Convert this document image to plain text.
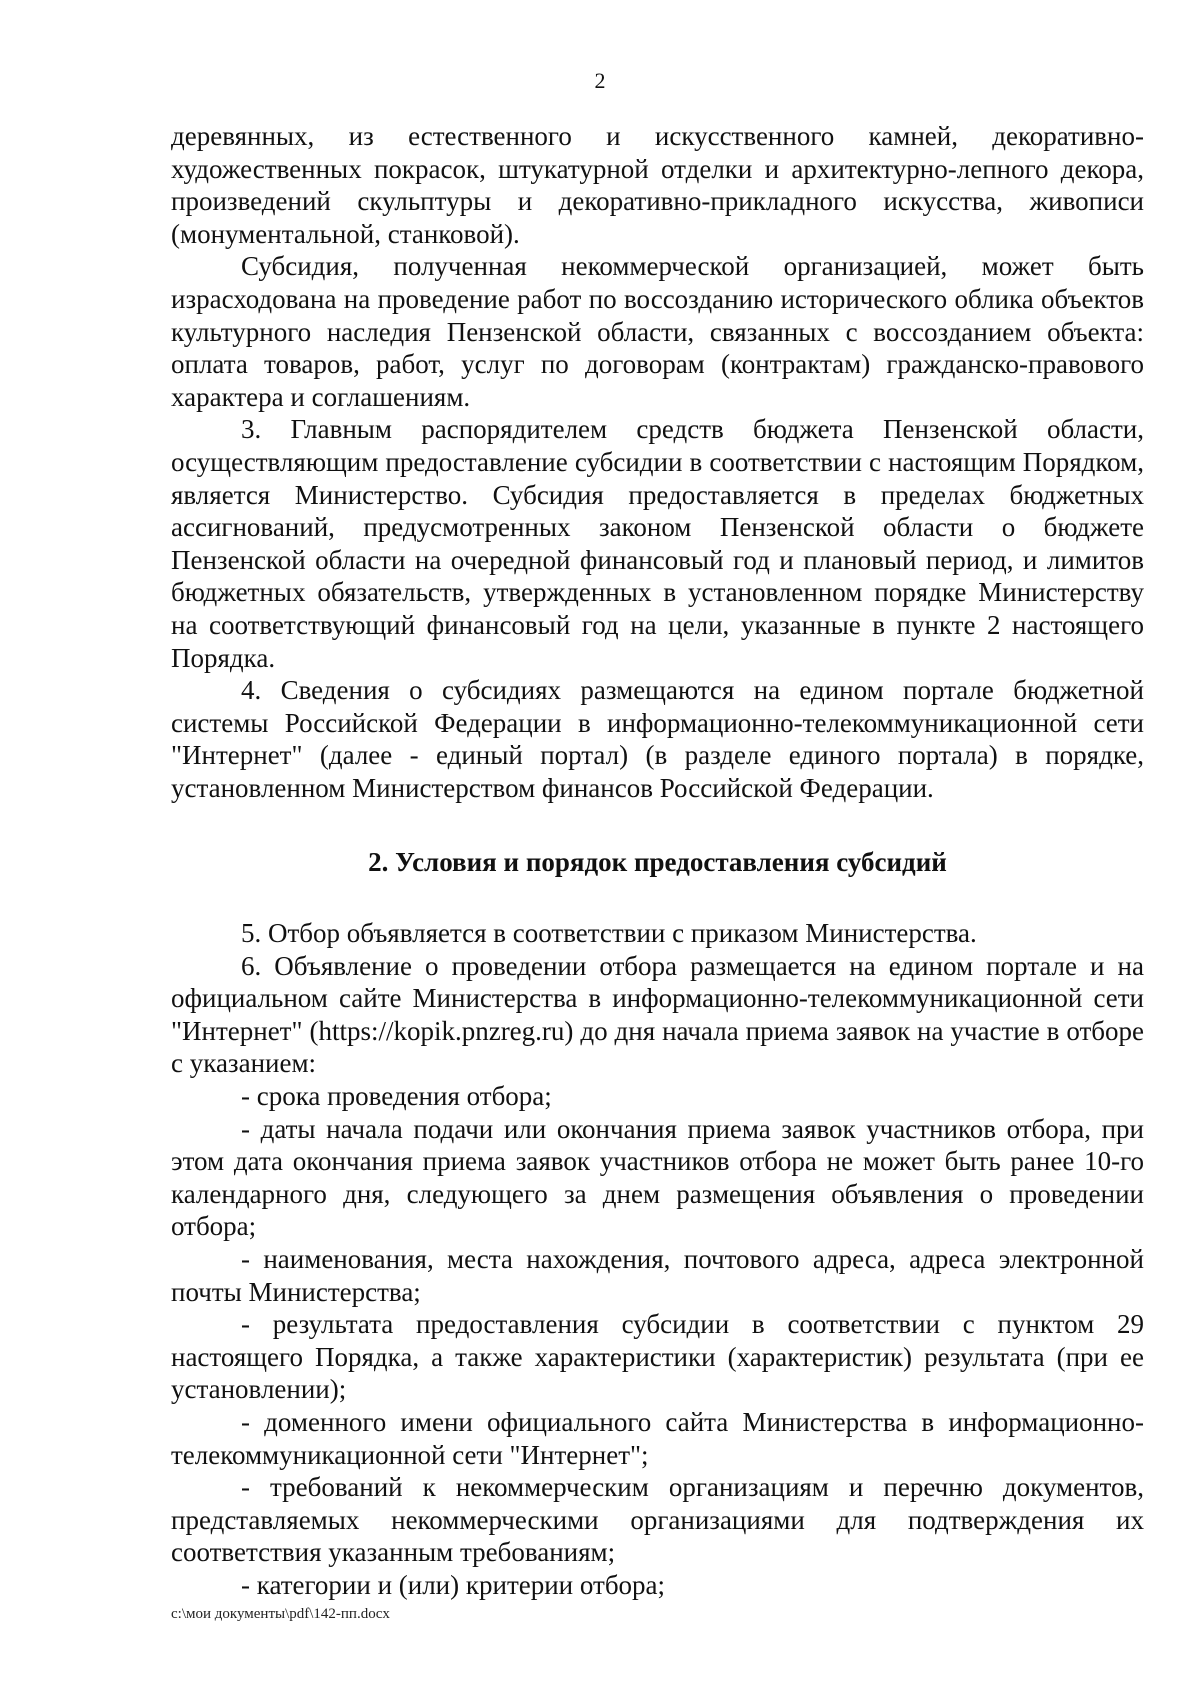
2

деревянных, из естественного и искусственного камней, декоративно-художественных покрасок, штукатурной отделки и архитектурно-лепного декора, произведений скульптуры и декоративно-прикладного искусства, живописи (монументальной, станковой).

Субсидия, полученная некоммерческой организацией, может быть израсходована на проведение работ по воссозданию исторического облика объектов культурного наследия Пензенской области, связанных с воссозданием объекта: оплата товаров, работ, услуг по договорам (контрактам) гражданско-правового характера и соглашениям.

3. Главным распорядителем средств бюджета Пензенской области, осуществляющим предоставление субсидии в соответствии с настоящим Порядком, является Министерство. Субсидия предоставляется в пределах бюджетных ассигнований, предусмотренных законом Пензенской области о бюджете Пензенской области на очередной финансовый год и плановый период, и лимитов бюджетных обязательств, утвержденных в установленном порядке Министерству на соответствующий финансовый год на цели, указанные в пункте 2 настоящего Порядка.

4. Сведения о субсидиях размещаются на едином портале бюджетной системы Российской Федерации в информационно-телекоммуникационной сети "Интернет" (далее - единый портал) (в разделе единого портала) в порядке, установленном Министерством финансов Российской Федерации.

2. Условия и порядок предоставления субсидий

5. Отбор объявляется в соответствии с приказом Министерства.

6. Объявление о проведении отбора размещается на едином портале и на официальном сайте Министерства в информационно-телекоммуникационной сети "Интернет" (https://kopik.pnzreg.ru) до дня начала приема заявок на участие в отборе с указанием:

- срока проведения отбора;

- даты начала подачи или окончания приема заявок участников отбора, при этом дата окончания приема заявок участников отбора не может быть ранее 10-го календарного дня, следующего за днем размещения объявления о проведении отбора;

- наименования, места нахождения, почтового адреса, адреса электронной почты Министерства;

- результата предоставления субсидии в соответствии с пунктом 29 настоящего Порядка, а также характеристики (характеристик) результата (при ее установлении);

- доменного имени официального сайта Министерства в информационно-телекоммуникационной сети "Интернет";

- требований к некоммерческим организациям и перечню документов, представляемых некоммерческими организациями для подтверждения их соответствия указанным требованиям;

- категории и (или) критерии отбора;

c:\мои документы\pdf\142-пп.docx
